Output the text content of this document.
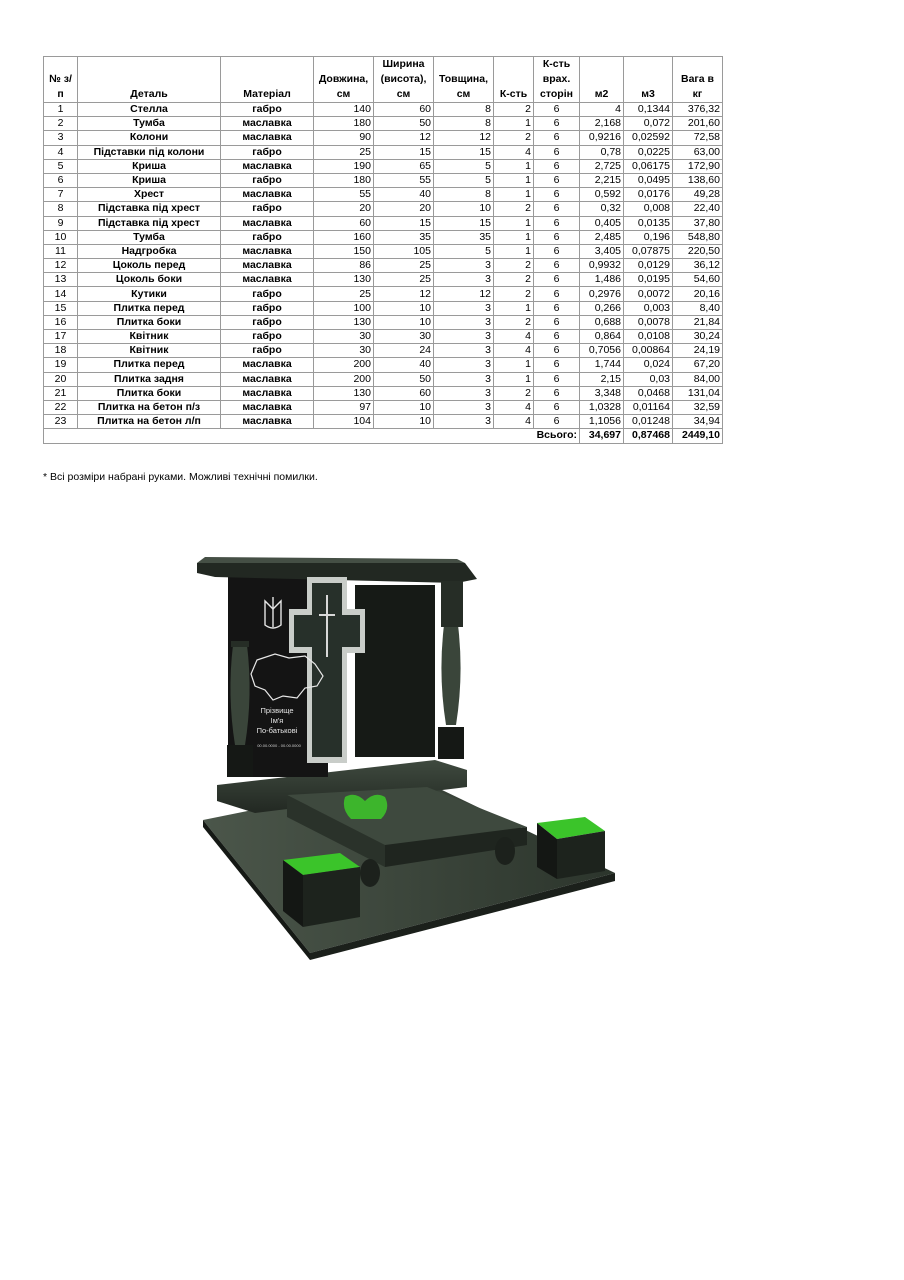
№ з/п	Деталь	Матеріал	Довжина, см	Ширина (висота), см	Товщина, см	К-сть	К-сть врах. сторін	м2	м3	Вага в кг
1	Стелла	габро	140	60	8	2	6	4	0,1344	376,32
2	Тумба	маславка	180	50	8	1	6	2,168	0,072	201,60
3	Колони	маславка	90	12	12	2	6	0,9216	0,02592	72,58
4	Підставки під колони	габро	25	15	15	4	6	0,78	0,0225	63,00
5	Криша	маславка	190	65	5	1	6	2,725	0,06175	172,90
6	Криша	габро	180	55	5	1	6	2,215	0,0495	138,60
7	Хрест	маславка	55	40	8	1	6	0,592	0,0176	49,28
8	Підставка під хрест	габро	20	20	10	2	6	0,32	0,008	22,40
9	Підставка під хрест	маславка	60	15	15	1	6	0,405	0,0135	37,80
10	Тумба	габро	160	35	35	1	6	2,485	0,196	548,80
11	Надгробка	маславка	150	105	5	1	6	3,405	0,07875	220,50
12	Цоколь перед	маславка	86	25	3	2	6	0,9932	0,0129	36,12
13	Цоколь боки	маславка	130	25	3	2	6	1,486	0,0195	54,60
14	Кутики	габро	25	12	12	2	6	0,2976	0,0072	20,16
15	Плитка перед	габро	100	10	3	1	6	0,266	0,003	8,40
16	Плитка боки	габро	130	10	3	2	6	0,688	0,0078	21,84
17	Квітник	габро	30	30	3	4	6	0,864	0,0108	30,24
18	Квітник	габро	30	24	3	4	6	0,7056	0,00864	24,19
19	Плитка перед	маславка	200	40	3	1	6	1,744	0,024	67,20
20	Плитка задня	маславка	200	50	3	1	6	2,15	0,03	84,00
21	Плитка боки	маславка	130	60	3	2	6	3,348	0,0468	131,04
22	Плитка на бетон п/з	маславка	97	10	3	4	6	1,0328	0,01164	32,59
23	Плитка на бетон л/п	маславка	104	10	3	4	6	1,1056	0,01248	34,94
Всього:								34,697	0,87468	2449,10

* Всі розміри набрані руками. Можливі технічні помилки.

Прізвище
Ім'я
По-батькові
00.00.0000 - 00.00.0000
